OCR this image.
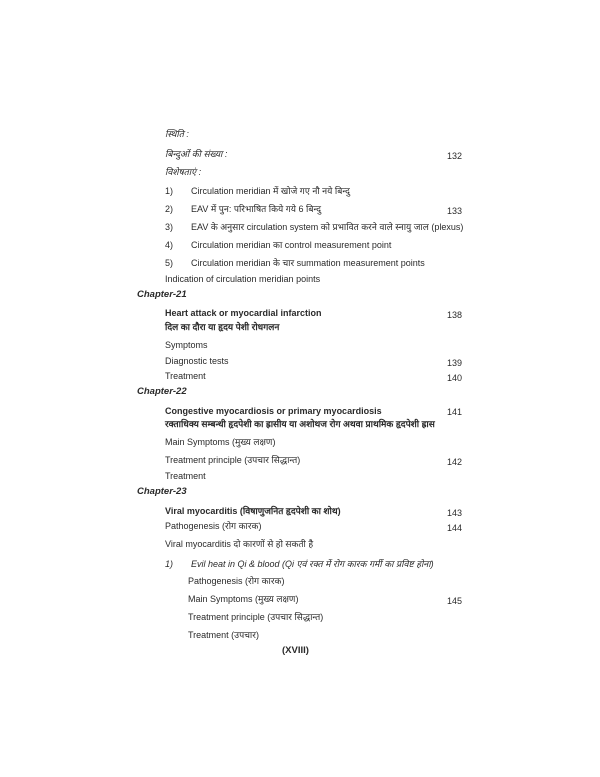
स्थिति :
बिन्दुओं की संख्या :	132
विशेषताएं :
1) Circulation meridian में खोजे गए नौ नये बिन्दु
2) EAV में पुन: परिभाषित किये गये 6 बिन्दु	133
3) EAV के अनुसार circulation system को प्रभावित करने वाले स्नायु जाल (plexus)
4) Circulation meridian का control measurement point
5) Circulation meridian के चार summation measurement points
Indication of circulation meridian points
Chapter-21
Heart attack or myocardial infarction	138
दिल का दौरा या हृदय पेशी रोधगलन
Symptoms
Diagnostic tests	139
Treatment	140
Chapter-22
Congestive myocardiosis or primary myocardiosis	141
रक्ताधिक्य सम्बन्धी हृदपेशी का ह्रासीय या अशोथज रोग अथवा प्राथमिक हृदपेशी ह्रास
Main Symptoms (मुख्य लक्षण)
Treatment principle (उपचार सिद्धान्त)	142
Treatment
Chapter-23
Viral myocarditis (विषाणुजनित हृदपेशी का शोथ)	143
Pathogenesis (रोग कारक)	144
Viral myocarditis दो कारणों से हो सकती है
1) Evil heat in Qi & blood (Qi एवं रक्त में रोग कारक गर्मी का प्रविष्ट होना)
Pathogenesis (रोग कारक)
Main Symptoms (मुख्य लक्षण)	145
Treatment principle (उपचार सिद्धान्त)
Treatment (उपचार)
(XVIII)
